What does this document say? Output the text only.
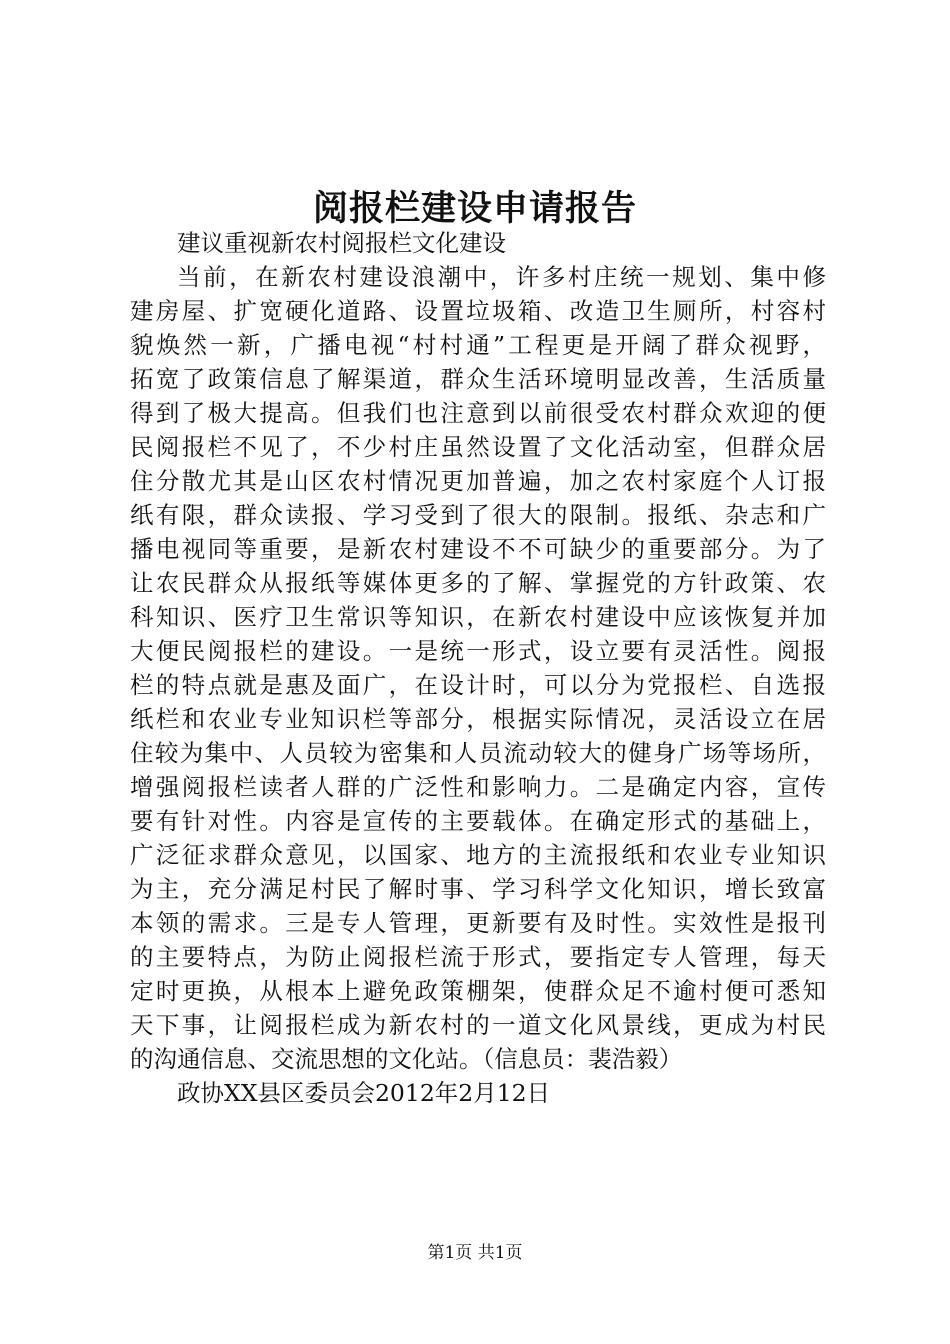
阅报栏建设申请报告
建议重视新农村阅报栏文化建设
当前，在新农村建设浪潮中，许多村庄统一规划、集中修
建房屋、扩宽硬化道路、设置垃圾箱、改造卫生厕所，村容村
貌焕然一新，广播电视“村村通”工程更是开阔了群众视野，
拓宽了政策信息了解渠道，群众生活环境明显改善，生活质量
得到了极大提高。但我们也注意到以前很受农村群众欢迎的便
民阅报栏不见了，不少村庄虽然设置了文化活动室，但群众居
住分散尤其是山区农村情况更加普遍，加之农村家庭个人订报
纸有限，群众读报、学习受到了很大的限制。报纸、杂志和广
播电视同等重要，是新农村建设不不可缺少的重要部分。为了
让农民群众从报纸等媒体更多的了解、掌握党的方针政策、农
科知识、医疗卫生常识等知识，在新农村建设中应该恢复并加
大便民阅报栏的建设。一是统一形式，设立要有灵活性。阅报
栏的特点就是惠及面广，在设计时，可以分为党报栏、自选报
纸栏和农业专业知识栏等部分，根据实际情况，灵活设立在居
住较为集中、人员较为密集和人员流动较大的健身广场等场所，
增强阅报栏读者人群的广泛性和影响力。二是确定内容，宣传
要有针对性。内容是宣传的主要载体。在确定形式的基础上，
广泛征求群众意见，以国家、地方的主流报纸和农业专业知识
为主，充分满足村民了解时事、学习科学文化知识，增长致富
本领的需求。三是专人管理，更新要有及时性。实效性是报刊
的主要特点，为防止阅报栏流于形式，要指定专人管理，每天
定时更换，从根本上避免政策棚架，使群众足不逾村便可悉知
天下事，让阅报栏成为新农村的一道文化风景线，更成为村民
的沟通信息、交流思想的文化站。（信息员：裴浩毅）
政协XX县区委员会2012年2月12日
第1页 共1页
